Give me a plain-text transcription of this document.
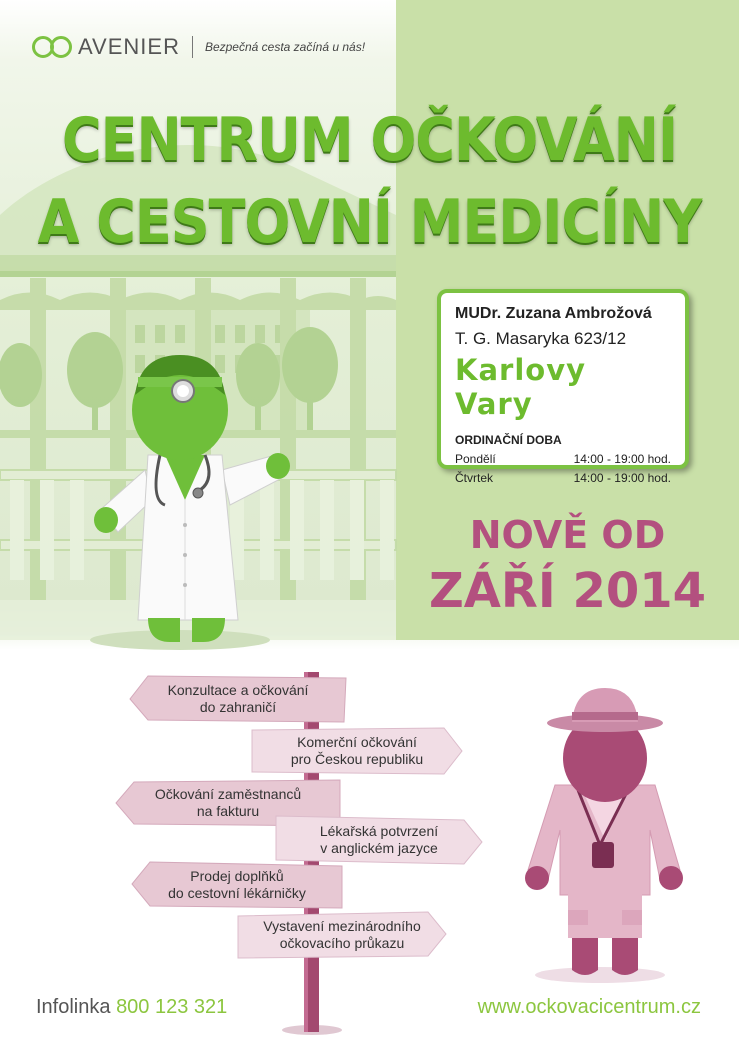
AVENIER Bezpečná cesta začíná u nás!
CENTRUM OČKOVÁNÍ
A CESTOVNÍ MEDICÍNY
MUDr. Zuzana Ambrožová
T. G. Masaryka 623/12
Karlovy Vary
ORDINAČNÍ DOBA
Pondělí	14:00 - 19:00 hod.
Čtvrtek	14:00 - 19:00 hod.
NOVĚ OD
ZÁŘÍ 2014
Konzultace a očkování
do zahraničí
Komerční očkování
pro Českou republiku
Očkování zaměstnanců
na fakturu
Lékařská potvrzení
v anglickém jazyce
Prodej doplňků
do cestovní lékárničky
Vystavení mezinárodního
očkovacího průkazu
Infolinka 800 123 321	www.ockovacicentrum.cz
